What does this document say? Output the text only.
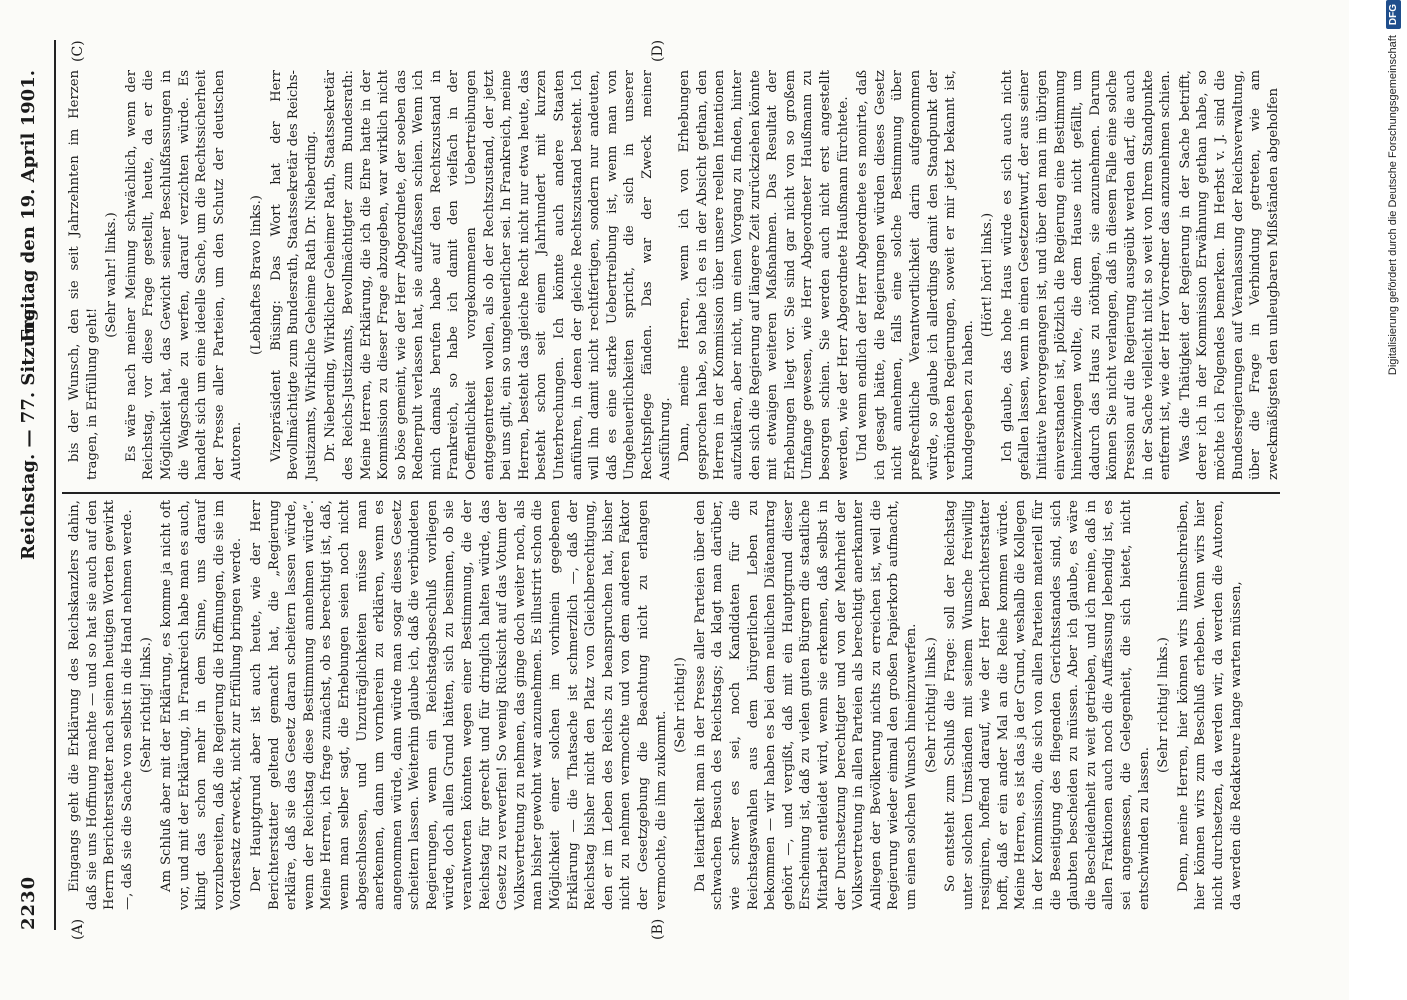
2230
Reichstag. — 77. Sitzung.
Freitag den 19. April 1901.
(A)	(B)
(C)	(D)

Eingangs geht die Erklärung des Reichskanzlers dahin, daß sie uns Hoffnung machte — und so hat sie auch auf den Herrn Berichterstatter nach seinen heutigen Worten gewirkt —, daß sie die Sache von selbst in die Hand nehmen werde. (Sehr richtig! links.) Am Schluß aber mit der Erklärung, es komme ja nicht oft vor, und mit der Erklärung, in Frankreich habe man es auch, klingt das schon mehr in dem Sinne, uns darauf vorzubereiten, daß die Regierung die Hoffnungen, die sie im Vordersatz erweckt, nicht zur Erfüllung bringen werde. Der Hauptgrund aber ist auch heute, wie der Herr Berichterstatter geltend gemacht hat, die „Regierung erkläre, daß sie das Gesetz daran scheitern lassen würde, wenn der Reichstag diese Bestimmung annehmen würde“. Meine Herren, ich frage zunächst, ob es berechtigt ist, daß, wenn man selber sagt, die Erhebungen seien noch nicht abgeschlossen, und Unzuträglichkeiten müsse man anerkennen, dann um vornherein zu erklären, wenn es angenommen würde, dann würde man sogar dieses Gesetz scheitern lassen. Weiterhin glaube ich, daß die verbündeten Regierungen, wenn ein Reichstagsbeschluß vorliegen würde, doch allen Grund hätten, sich zu besinnen, ob sie verantworten könnten wegen einer Bestimmung, die der Reichstag für gerecht und für dringlich halten würde, das Gesetz zu verwerfen! So wenig Rücksicht auf das Votum der Volksvertretung zu nehmen, das ginge doch weiter noch, als man bisher gewohnt war anzunehmen. Es illustrirt schon die Möglichkeit einer solchen im vorhinein gegebenen Erklärung — die Thatsache ist schmerzlich —, daß der Reichstag bisher nicht den Platz von Gleichberechtigung, den er im Leben des Reichs zu beanspruchen hat, bisher nicht zu nehmen vermochte und von dem anderen Faktor der Gesetzgebung die Beachtung nicht zu erlangen vermochte, die ihm zukommt.

(Sehr richtig!) Da leitartikelt man in der Presse aller Parteien über den schwachen Besuch des Reichstags; da klagt man darüber, wie schwer es sei, noch Kandidaten für die Reichstagswahlen aus dem bürgerlichen Leben zu bekommen — wir haben es bei dem neulichen Diätenantrag gehört —, und vergißt, daß mit ein Hauptgrund dieser Erscheinung ist, daß zu vielen guten Bürgern die staatliche Mitarbeit entleidet wird, wenn sie erkennen, daß selbst in der Durchsetzung berechtigter und von der Mehrheit der Volksvertretung in allen Parteien als berechtigt anerkannter Anliegen der Bevölkerung nichts zu erreichen ist, weil die Regierung wieder einmal den großen Papierkorb aufmacht, um einen solchen Wunsch hineinzuwerfen. (Sehr richtig! links.) So entsteht zum Schluß die Frage: soll der Reichstag unter solchen Umständen mit seinem Wunsche freiwillig resigniren, hoffend darauf, wie der Herr Berichterstatter hofft, daß er ein ander Mal an die Reihe kommen würde. Meine Herren, es ist das ja der Grund, weshalb die Kollegen in der Kommission, die sich von allen Parteien materiell für die Beseitigung des fliegenden Gerichtsstandes sind, sich glaubten bescheiden zu müssen. Aber ich glaube, es wäre die Bescheidenheit zu weit getrieben, und ich meine, daß in allen Fraktionen auch noch die Auffassung lebendig ist, es sei angemessen, die Gelegenheit, die sich bietet, nicht entschwinden zu lassen.

(Sehr richtig! links.) Denn, meine Herren, hier können wirs hineinschreiben, hier können wirs zum Beschluß erheben. Wenn wirs hier nicht durchsetzen, da werden wir, da werden die Autoren, da werden die Redakteure lange warten müssen,

bis der Wunsch, den sie seit Jahrzehnten im Herzen tragen, in Erfüllung geht!

(Sehr wahr! links.) Es wäre nach meiner Meinung schwächlich, wenn der Reichstag, vor diese Frage gestellt, heute, da er die Möglichkeit hat, das Gewicht seiner Beschlußfassungen in die Wagschale zu werfen, darauf verzichten würde. Es handelt sich um eine ideelle Sache, um die Rechtssicherheit der Presse aller Parteien, um den Schutz der deutschen Autoren.

(Lebhaftes Bravo links.) Vizepräsident Büsing: Das Wort hat der Herr Bevollmächtigte zum Bundesrath, Staatssekretär des Reichs-Justizamts, Wirkliche Geheime Rath Dr. Nieberding. Dr. Nieberding, Wirklicher Geheimer Rath, Staatssekretär des Reichs-Justizamts, Bevollmächtigter zum Bundesrath: Meine Herren, die Erklärung, die ich die Ehre hatte in der Kommission zu dieser Frage abzugeben, war wirklich nicht so böse gemeint, wie der Herr Abgeordnete, der soeben das Rednerpult verlassen hat, sie aufzufassen schien. Wenn ich mich damals berufen habe auf den Rechtszustand in Frankreich, so habe ich damit den vielfach in der Oeffentlichkeit vorgekommenen Uebertreibungen entgegentreten wollen, als ob der Rechtszustand, der jetzt bei uns gilt, ein so ungeheuerlicher sei. In Frankreich, meine Herren, besteht das gleiche Recht nicht nur etwa heute, das besteht schon seit einem Jahrhundert mit kurzen Unterbrechungen. Ich könnte auch andere Staaten anführen, in denen der gleiche Rechtszustand besteht. Ich will ihn damit nicht rechtfertigen, sondern nur andeuten, daß es eine starke Uebertreibung ist, wenn man von Ungeheuerlichkeiten spricht, die sich in unserer Rechtspflege fänden. Das war der Zweck meiner Ausführung. Dann, meine Herren, wenn ich von Erhebungen gesprochen habe, so habe ich es in der Absicht gethan, den Herren in der Kommission über unsere reellen Intentionen aufzuklären, aber nicht, um einen Vorgang zu finden, hinter den sich die Regierung auf längere Zeit zurückziehen könnte mit etwaigen weiteren Maßnahmen. Das Resultat der Erhebungen liegt vor. Sie sind gar nicht von so großem Umfange gewesen, wie Herr Abgeordneter Haußmann zu besorgen schien. Sie werden auch nicht erst angestellt werden, wie der Herr Abgeordnete Haußmann fürchtete. Und wenn endlich der Herr Abgeordnete es monirte, daß ich gesagt hätte, die Regierungen würden dieses Gesetz nicht annehmen, falls eine solche Bestimmung über preßrechtliche Verantwortlichkeit darin aufgenommen würde, so glaube ich allerdings damit den Standpunkt der verbündeten Regierungen, soweit er mir jetzt bekannt ist, kundgegeben zu haben.

(Hört! hört! links.) Ich glaube, das hohe Haus würde es sich auch nicht gefallen lassen, wenn in einen Gesetzentwurf, der aus seiner Initiative hervorgegangen ist, und über den man im übrigen einverstanden ist, plötzlich die Regierung eine Bestimmung hineinzwingen wollte, die dem Hause nicht gefällt, um dadurch das Haus zu nöthigen, sie anzunehmen. Darum können Sie nicht verlangen, daß in diesem Falle eine solche Pression auf die Regierung ausgeübt werden darf, die auch in der Sache vielleicht nicht so weit von Ihrem Standpunkte entfernt ist, wie der Herr Vorredner das anzunehmen schien. Was die Thätigkeit der Regierung in der Sache betrifft, derer ich in der Kommission Erwähnung gethan habe, so möchte ich Folgendes bemerken. Im Herbst v. J. sind die Bundesregierungen auf Veranlassung der Reichsverwaltung, über die Frage in Verbindung getreten, wie am zweckmäßigsten den unleugbaren Mißständen abgeholfen	Digitalisierung gefördert durch die Deutsche Forschungsgemeinschaft
DFG
